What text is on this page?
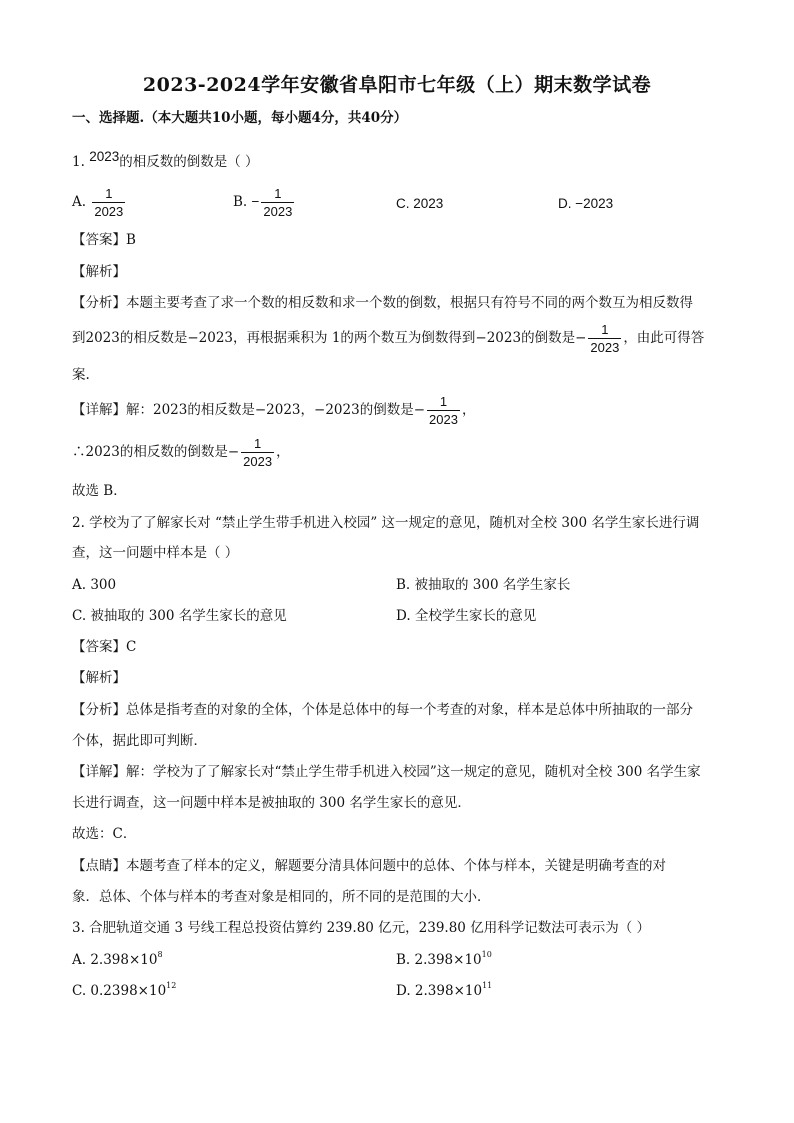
2023-2024学年安徽省阜阳市七年级（上）期末数学试卷
一、选择题.（本大题共10小题，每小题4分，共40分）
1. 2023的相反数的倒数是（ ）
A. $\frac{1}{2023}$	B. − $\frac{1}{2023}$	C. 2023	D. −2023
【答案】B
【解析】
【分析】本题主要考查了求一个数的相反数和求一个数的倒数，根据只有符号不同的两个数互为相反数得
到2023的相反数是−2023，再根据乘积为 1的两个数互为倒数得到−2023的倒数是− $\frac{1}{2023}$ ，由此可得答
案.
【详解】解：2023的相反数是−2023，−2023的倒数是− $\frac{1}{2023}$ ，
∴2023的相反数的倒数是− $\frac{1}{2023}$ ，
故选 B．
2. 学校为了了解家长对 “禁止学生带手机进入校园” 这一规定的意见，随机对全校 300 名学生家长进行调
查，这一问题中样本是（ ）
A. 300	B. 被抽取的 300 名学生家长
C. 被抽取的 300 名学生家长的意见	D. 全校学生家长的意见
【答案】C
【解析】
【分析】总体是指考查的对象的全体，个体是总体中的每一个考查的对象，样本是总体中所抽取的一部分
个体，据此即可判断．
【详解】解：学校为了了解家长对“禁止学生带手机进入校园”这一规定的意见，随机对全校 300 名学生家
长进行调查，这一问题中样本是被抽取的 300 名学生家长的意见．
故选：C．
【点睛】本题考查了样本的定义，解题要分清具体问题中的总体、个体与样本，关键是明确考查的对
象．总体、个体与样本的考查对象是相同的，所不同的是范围的大小．
3. 合肥轨道交通 3 号线工程总投资估算约 239.80 亿元，239.80 亿用科学记数法可表示为（ ）
A. $2.398\times 10^8$	B. $2.398\times 10^{10}$
C. $0.2398\times 10^{12}$	D. $2.398\times 10^{11}$
